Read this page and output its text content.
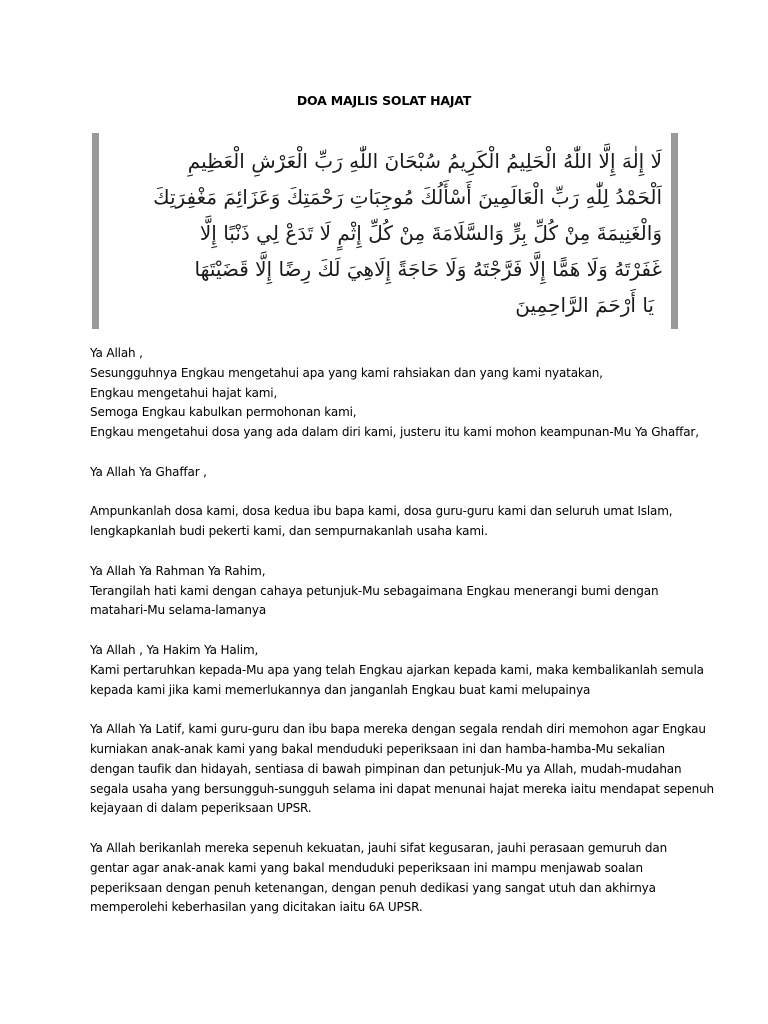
DOA MAJLIS SOLAT HAJAT
لَا إِلٰهَ إِلَّا اللّٰهُ الْحَلِيمُ الْكَرِيمُ سُبْحَانَ اللّٰهِ رَبِّ الْعَرْشِ الْعَظِيمِ
اَلْحَمْدُ لِلّٰهِ رَبِّ الْعَالَمِينَ أَسْأَلُكَ مُوجِبَاتِ رَحْمَتِكَ وَعَزَائِمَ مَغْفِرَتِكَ
وَالْغَنِيمَةَ مِنْ كُلِّ بِرٍّ وَالسَّلَامَةَ مِنْ كُلِّ إِثْمٍ لَا تَدَعْ لِي ذَنْبًا إِلَّا
غَفَرْتَهُ وَلَا هَمًّا إِلَّا فَرَّجْتَهُ وَلَا حَاجَةً إِلَاهِيَ لَكَ رِضًا إِلَّا قَضَيْتَهَا
يَا أَرْحَمَ الرَّاحِمِينَ
Ya Allah ,
Sesungguhnya Engkau mengetahui apa yang kami rahsiakan dan yang kami nyatakan,
Engkau mengetahui hajat kami,
Semoga Engkau kabulkan permohonan kami,
Engkau mengetahui dosa yang ada dalam diri kami, justeru itu kami mohon keampunan-Mu Ya Ghaffar,
Ya Allah Ya Ghaffar ,
Ampunkanlah dosa kami, dosa kedua ibu bapa kami, dosa guru-guru kami dan seluruh umat Islam,
lengkapkanlah budi pekerti kami, dan sempurnakanlah usaha kami.
Ya Allah Ya Rahman Ya Rahim,
Terangilah hati kami dengan cahaya petunjuk-Mu sebagaimana Engkau menerangi bumi dengan
matahari-Mu selama-lamanya
Ya Allah , Ya Hakim Ya Halim,
Kami pertaruhkan kepada-Mu apa yang telah Engkau ajarkan kepada kami, maka kembalikanlah semula
kepada kami jika kami memerlukannya dan janganlah Engkau buat kami melupainya
Ya Allah Ya Latif, kami guru-guru dan ibu bapa mereka dengan segala rendah diri memohon agar Engkau
kurniakan anak-anak kami yang bakal menduduki peperiksaan ini dan hamba-hamba-Mu sekalian
dengan taufik dan hidayah, sentiasa di bawah pimpinan dan petunjuk-Mu ya Allah, mudah-mudahan
segala usaha yang bersungguh-sungguh selama ini dapat menunai hajat mereka iaitu mendapat sepenuh
kejayaan di dalam peperiksaan UPSR.
Ya Allah berikanlah mereka sepenuh kekuatan, jauhi sifat kegusaran, jauhi perasaan gemuruh dan
gentar agar anak-anak kami yang bakal menduduki peperiksaan ini mampu menjawab soalan
peperiksaan dengan penuh ketenangan, dengan penuh dedikasi yang sangat utuh dan akhirnya
memperolehi keberhasilan yang dicitakan iaitu 6A UPSR.
